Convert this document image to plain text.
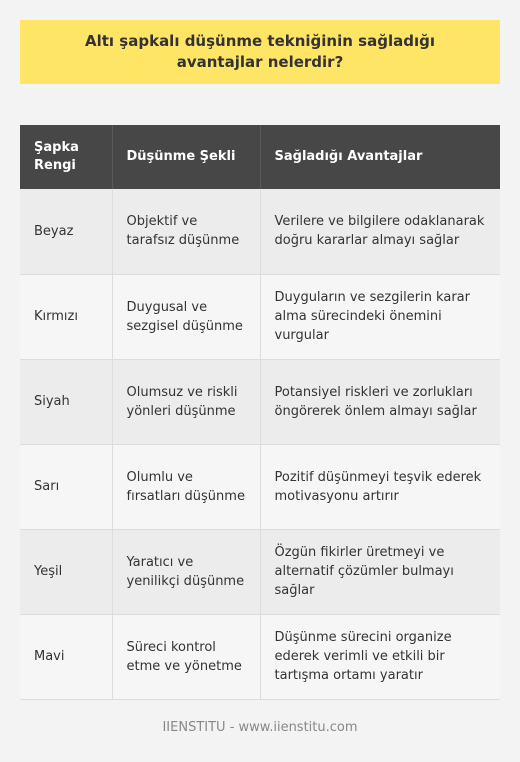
Altı şapkalı düşünme tekniğinin sağladığı avantajlar nelerdir?
Şapka Rengi	Düşünme Şekli	Sağladığı Avantajlar
Beyaz	Objektif ve tarafsız düşünme	Verilere ve bilgilere odaklanarak doğru kararlar almayı sağlar
Kırmızı	Duygusal ve sezgisel düşünme	Duyguların ve sezgilerin karar alma sürecindeki önemini vurgular
Siyah	Olumsuz ve riskli yönleri düşünme	Potansiyel riskleri ve zorlukları öngörerek önlem almayı sağlar
Sarı	Olumlu ve fırsatları düşünme	Pozitif düşünmeyi teşvik ederek motivasyonu artırır
Yeşil	Yaratıcı ve yenilikçi düşünme	Özgün fikirler üretmeyi ve alternatif çözümler bulmayı sağlar
Mavi	Süreci kontrol etme ve yönetme	Düşünme sürecini organize ederek verimli ve etkili bir tartışma ortamı yaratır
IIENSTITU - www.iienstitu.com
